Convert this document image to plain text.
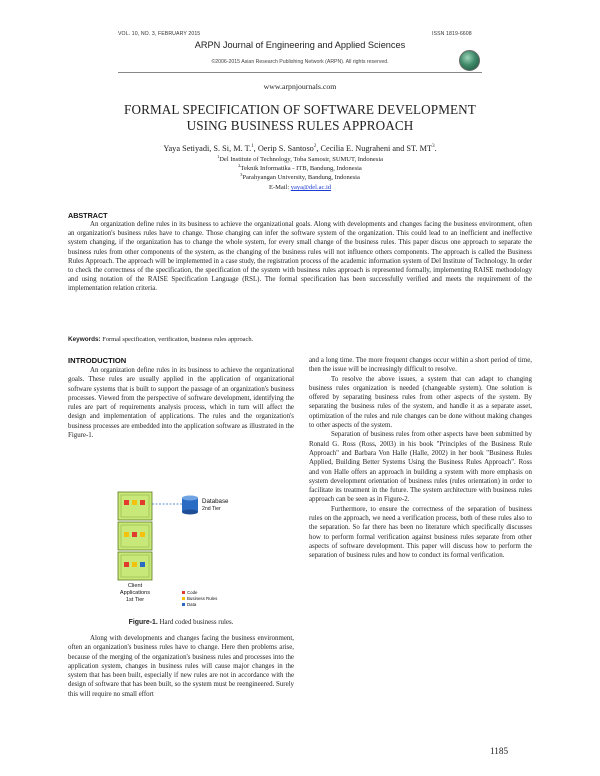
VOL. 10, NO. 3, FEBRUARY 2015	ISSN 1819-6608
ARPN Journal of Engineering and Applied Sciences
©2006-2015 Asian Research Publishing Network (ARPN). All rights reserved.
www.arpnjournals.com
FORMAL SPECIFICATION OF SOFTWARE DEVELOPMENT
USING BUSINESS RULES APPROACH
Yaya Setiyadi, S. Si, M. T.$^1$, Oerip S. Santoso$^2$, Cecilia E. Nugraheni and ST. $MT^3$.
$^1$Del Institute of Technology, Toba Samosir, SUMUT, Indonesia
$^2$Teknik Informatika - ITB, Bandung, Indonesia
$^3$Parahyangan University, Bandung, Indonesia
E-Mail: yaya@del.ac.id
ABSTRACT
An organization define rules in its business to achieve the organizational goals. Along with developments and changes facing the business environment, often an organization's business rules have to change. Those changing can infer the software system of the organization. This could lead to an inefficient and ineffective system changing, if the organization has to change the whole system, for every small change of the business rules. This paper discus one approach to separate the business rules from other components of the system, as the changing of the business rules will not influence others components. The approach is called the Business Rules Approach. The approach will be implemented in a case study, the registration process of the academic information system of Del Institute of Technology. In order to check the correctness of the specification, the specification of the system with business rules approach is represented formally, implementing RAISE methodology and using notation of the RAISE Specification Language (RSL). The formal specification has been successfully verified and meets the requirement of the implementation relation criteria.
Keywords: Formal specification, verification, business rules approach.
INTRODUCTION

An organization define rules in its business to achieve the organizational goals. These rules are usually applied in the application of organizational software systems that is built to support the passage of an organization's business processes. Viewed from the perspective of software development, identifying the rules are part of requirements analysis process, which in turn will affect the design and implementation of applications. The rules and the organization's business processes are embedded into the application software as illustrated in the Figure-1.

Database
2nd Tier
Client
Applications
1st Tier
Code
Business Rules
Data
Figure-1. Hard coded business rules.

Along with developments and changes facing the business environment, often an organization's business rules have to change. Here then problems arise, because of the merging of the organization's business rules and processes into the application system, changes in business rules will cause major changes in the system that has been built, especially if new rules are not in accordance with the design of software that has been built, so the system must be reengineered. Surely this will require no small effort

and a long time. The more frequent changes occur within a short period of time, then the issue will be increasingly difficult to resolve.

To resolve the above issues, a system that can adapt to changing business rules organization is needed (changeable system). One solution is offered by separating business rules from other aspects of the system. By separating the business rules of the system, and handle it as a separate asset, optimization of the rules and rule changes can be done without making changes to other aspects of the system.

Separation of business rules from other aspects have been submitted by Ronald G. Ross (Ross, 2003) in his book "Principles of the Business Rule Approach" and Barbara Von Halle (Halle, 2002) in her book "Business Rules Applied, Building Better Systems Using the Business Rules Approach". Ross and von Halle offers an approach in building a system with more emphasis on system development orientation of business rules (rules orientation) in order to facilitate its treatment in the future. The system architecture with business rules approach can be seen as in Figure-2.

Furthermore, to ensure the correctness of the separation of business rules on the approach, we need a verification process, both of these rules also to the separation. So far there has been no literature which specifically discusses how to perform formal verification against business rules separate from other aspects of software development. This paper will discuss how to perform the separation of business rules and how to conduct its formal verification.

1185
